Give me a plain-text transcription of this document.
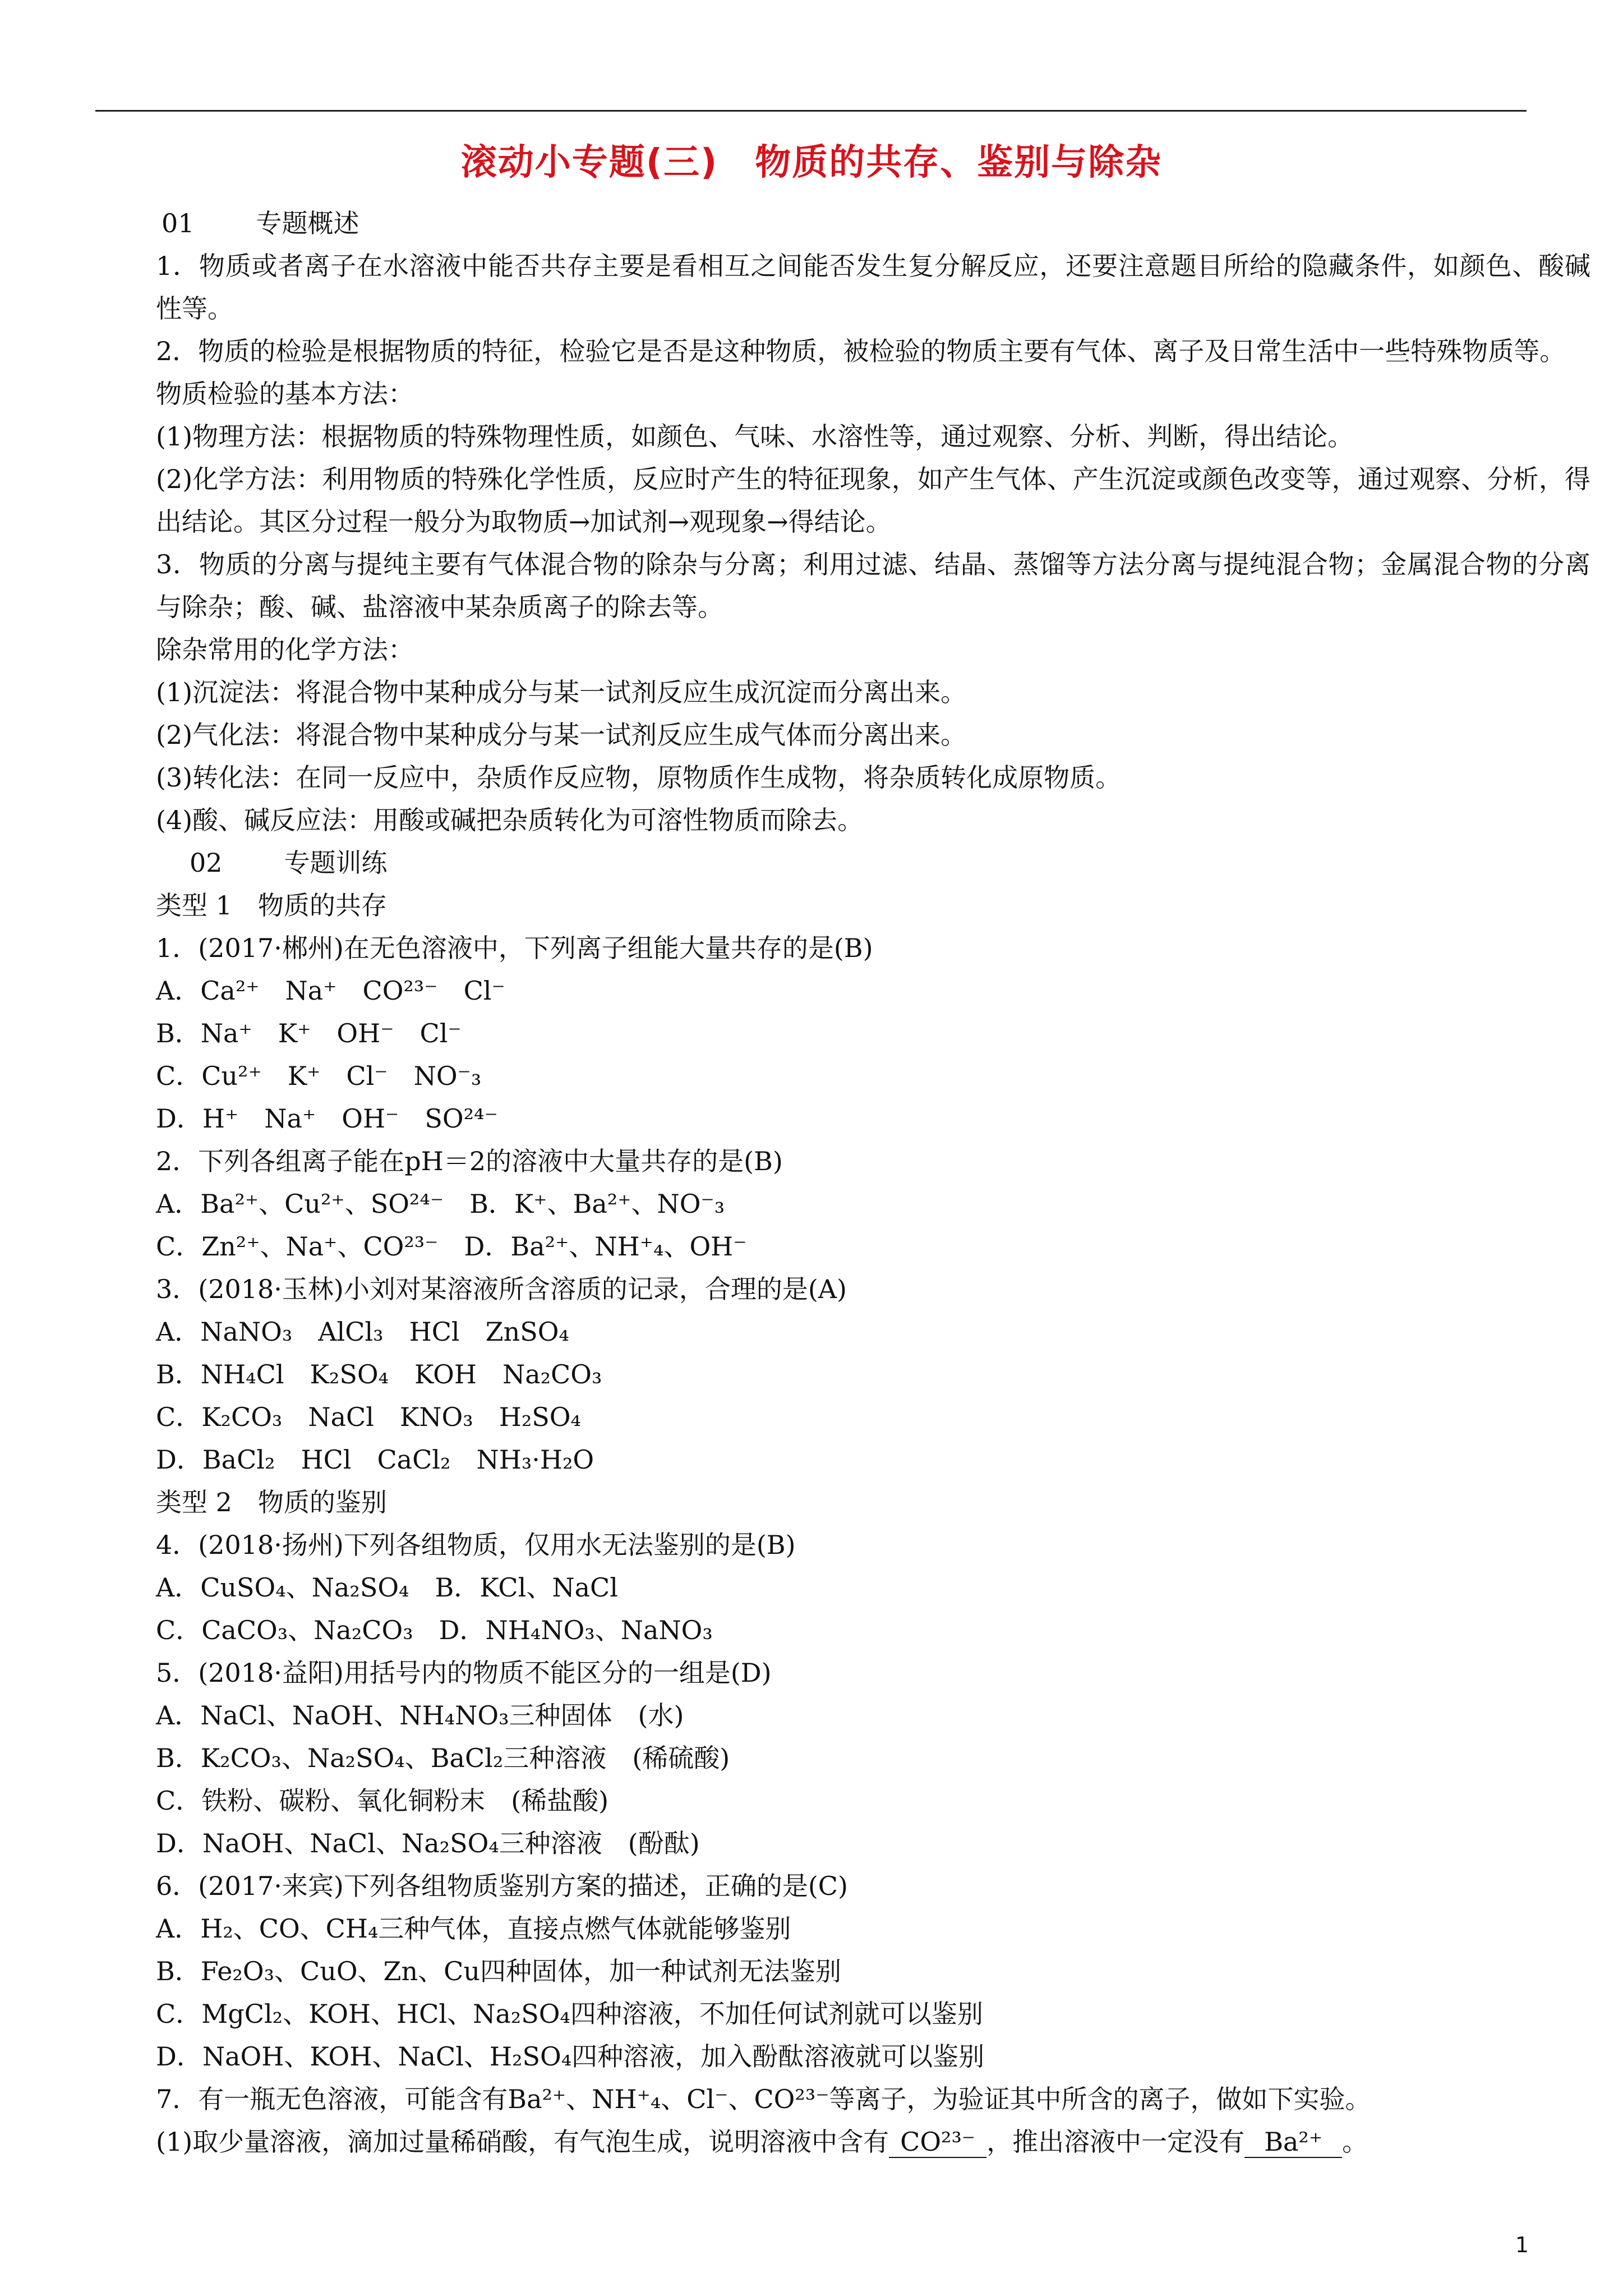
滚动小专题(三)　物质的共存、鉴别与除杂

01 专题概述

1．物质或者离子在水溶液中能否共存主要是看相互之间能否发生复分解反应，还要注意题目所给的隐藏条件，如颜色、酸碱性等。

2．物质的检验是根据物质的特征，检验它是否是这种物质，被检验的物质主要有气体、离子及日常生活中一些特殊物质等。

物质检验的基本方法：

(1)物理方法：根据物质的特殊物理性质，如颜色、气味、水溶性等，通过观察、分析、判断，得出结论。

(2)化学方法：利用物质的特殊化学性质，反应时产生的特征现象，如产生气体、产生沉淀或颜色改变等，通过观察、分析，得出结论。其区分过程一般分为取物质→加试剂→观现象→得结论。

3．物质的分离与提纯主要有气体混合物的除杂与分离；利用过滤、结晶、蒸馏等方法分离与提纯混合物；金属混合物的分离与除杂；酸、碱、盐溶液中某杂质离子的除去等。

除杂常用的化学方法：

(1)沉淀法：将混合物中某种成分与某一试剂反应生成沉淀而分离出来。

(2)气化法：将混合物中某种成分与某一试剂反应生成气体而分离出来。

(3)转化法：在同一反应中，杂质作反应物，原物质作生成物，将杂质转化成原物质。

(4)酸、碱反应法：用酸或碱把杂质转化为可溶性物质而除去。

02 专题训练

类型 1　物质的共存

1．(2017·郴州)在无色溶液中，下列离子组能大量共存的是(B)

A．Ca²⁺　Na⁺　CO²³⁻　Cl⁻

B．Na⁺　K⁺　OH⁻　Cl⁻

C．Cu²⁺　K⁺　Cl⁻　NO⁻₃

D．H⁺　Na⁺　OH⁻　SO²⁴⁻

2．下列各组离子能在pH＝2的溶液中大量共存的是(B)

A．Ba²⁺、Cu²⁺、SO²⁴⁻　B．K⁺、Ba²⁺、NO⁻₃

C．Zn²⁺、Na⁺、CO²³⁻　D．Ba²⁺、NH⁺₄、OH⁻

3．(2018·玉林)小刘对某溶液所含溶质的记录，合理的是(A)

A．NaNO₃　AlCl₃　HCl　ZnSO₄

B．NH₄Cl　K₂SO₄　KOH　Na₂CO₃

C．K₂CO₃　NaCl　KNO₃　H₂SO₄

D．BaCl₂　HCl　CaCl₂　NH₃·H₂O

类型 2　物质的鉴别

4．(2018·扬州)下列各组物质，仅用水无法鉴别的是(B)

A．CuSO₄、Na₂SO₄　B．KCl、NaCl

C．CaCO₃、Na₂CO₃　D．NH₄NO₃、NaNO₃

5．(2018·益阳)用括号内的物质不能区分的一组是(D)

A．NaCl、NaOH、NH₄NO₃三种固体　(水)

B．K₂CO₃、Na₂SO₄、BaCl₂三种溶液　(稀硫酸)

C．铁粉、碳粉、氧化铜粉末　(稀盐酸)

D．NaOH、NaCl、Na₂SO₄三种溶液　(酚酞)

6．(2017·来宾)下列各组物质鉴别方案的描述，正确的是(C)

A．H₂、CO、CH₄三种气体，直接点燃气体就能够鉴别

B．Fe₂O₃、CuO、Zn、Cu四种固体，加一种试剂无法鉴别

C．MgCl₂、KOH、HCl、Na₂SO₄四种溶液，不加任何试剂就可以鉴别

D．NaOH、KOH、NaCl、H₂SO₄四种溶液，加入酚酞溶液就可以鉴别

7．有一瓶无色溶液，可能含有Ba²⁺、NH⁺₄、Cl⁻、CO²³⁻等离子，为验证其中所含的离子，做如下实验。

(1)取少量溶液，滴加过量稀硝酸，有气泡生成，说明溶液中含有 CO²³⁻ ，推出溶液中一定没有 Ba²⁺ 。

1
